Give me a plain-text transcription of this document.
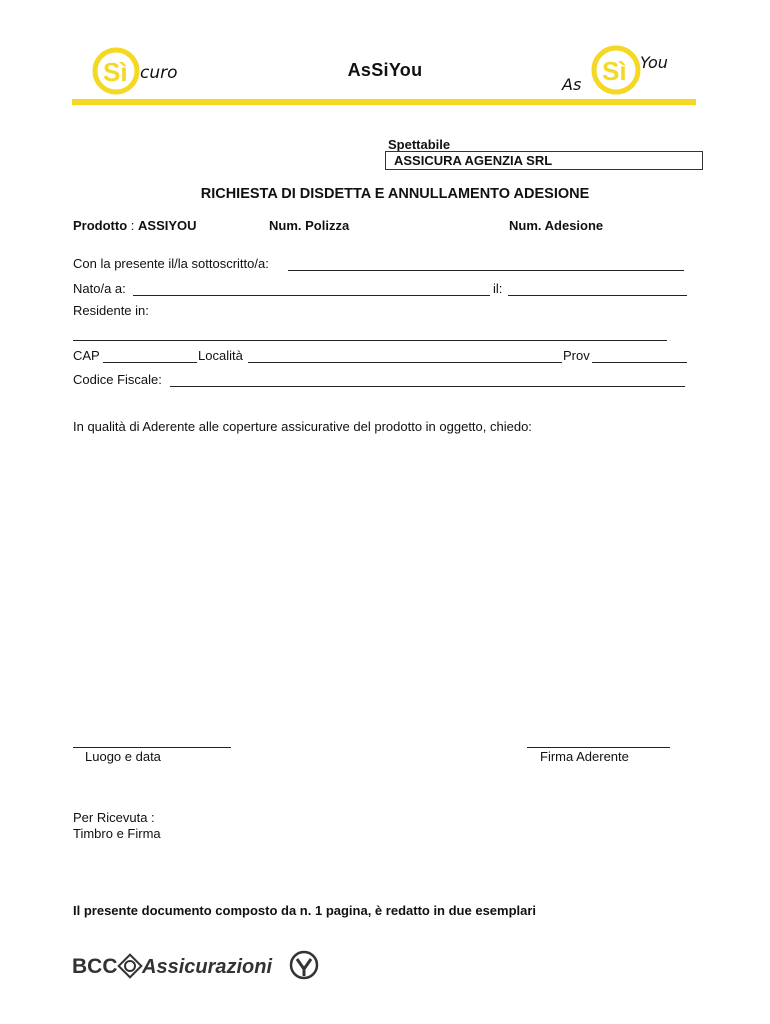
Sì curo	AsSiYou
As Sì You
Spettabile
ASSICURA AGENZIA SRL
RICHIESTA DI DISDETTA E ANNULLAMENTO ADESIONE
Prodotto : ASSIYOU	Num. Polizza	Num. Adesione
Con la presente il/la sottoscritto/a:
Nato/a a:	il:
Residente in:
CAP	Località	Prov
Codice Fiscale:
In qualità di Aderente alle coperture assicurative del prodotto in oggetto, chiedo:
Luogo e data	Firma Aderente
Per Ricevuta :
Timbro e Firma
Il presente documento composto da n. 1 pagina, è redatto in due esemplari
BCC Assicurazioni
